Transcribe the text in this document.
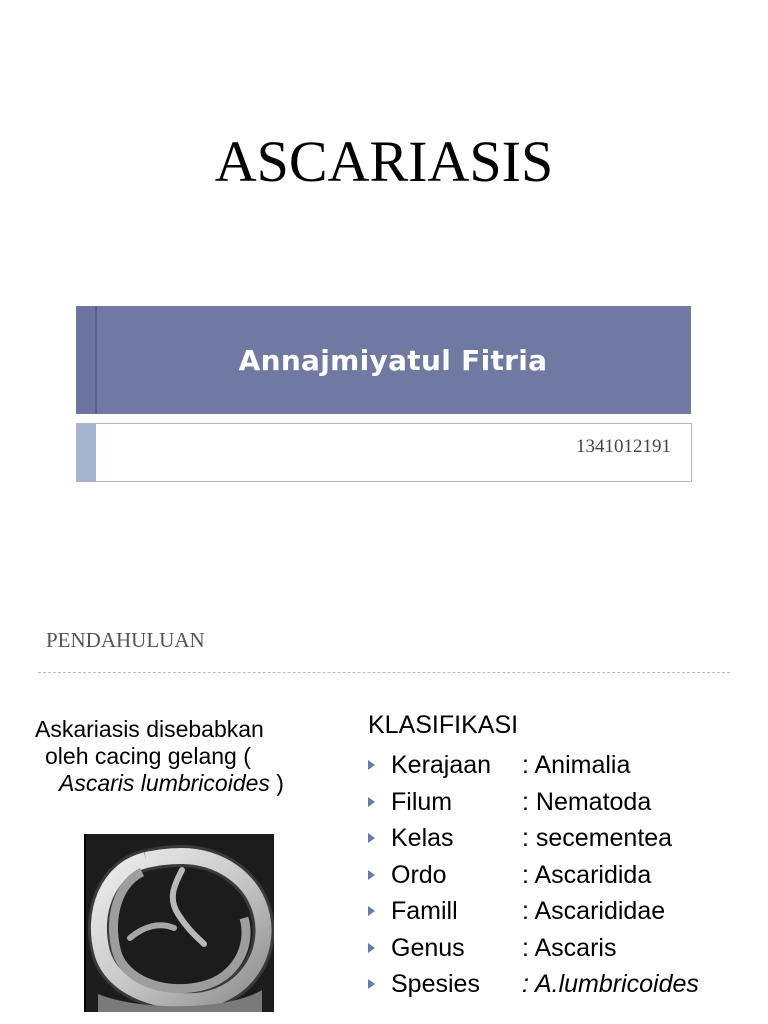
ASCARIASIS
Annajmiyatul Fitria
1341012191
PENDAHULUAN
Askariasis disebabkan
oleh cacing gelang (
Ascaris lumbricoides )
KLASIFIKASI
Kerajaan : Animalia
Filum	: Nematoda
Kelas	: secementea
Ordo	: Ascaridida
Famill	: Ascarididae
Genus : Ascaris
Spesies : A.lumbricoides
